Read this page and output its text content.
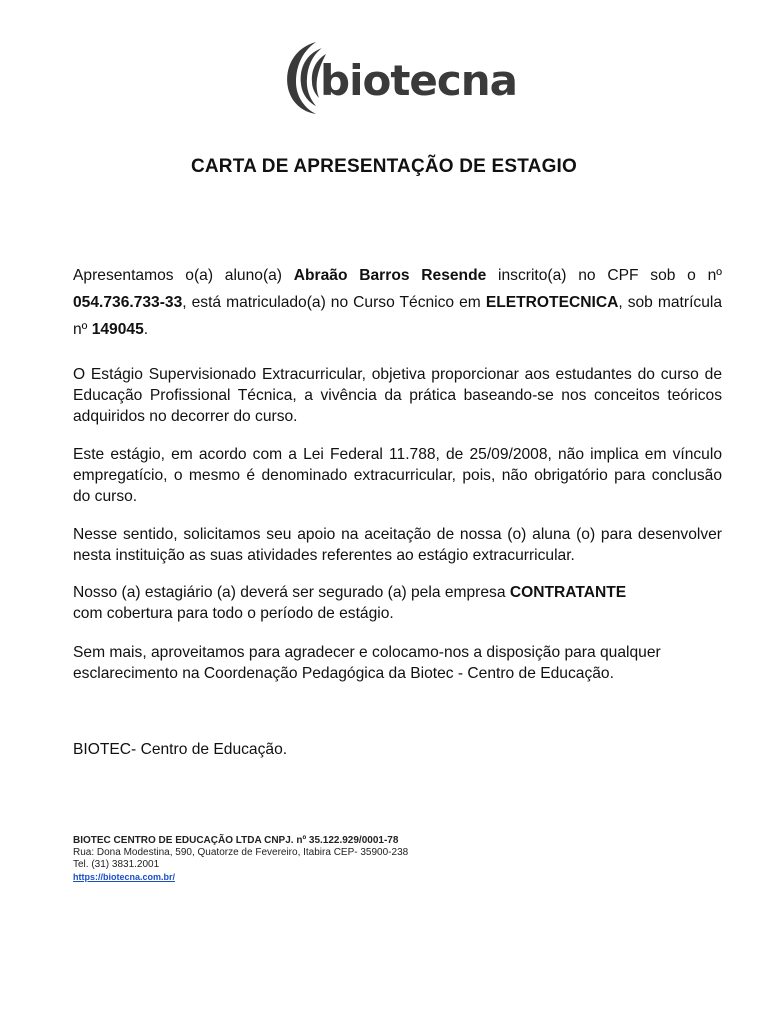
biotecna
CARTA DE APRESENTAÇÃO DE ESTAGIO
Apresentamos o(a) aluno(a) Abraão Barros Resende inscrito(a) no CPF sob o nº 054.736.733-33, está matriculado(a) no Curso Técnico em ELETROTECNICA, sob matrícula nº 149045.
O Estágio Supervisionado Extracurricular, objetiva proporcionar aos estudantes do curso de Educação Profissional Técnica, a vivência da prática baseando-se nos conceitos teóricos adquiridos no decorrer do curso.
Este estágio, em acordo com a Lei Federal 11.788, de 25/09/2008, não implica em vínculo empregatício, o mesmo é denominado extracurricular, pois, não obrigatório para conclusão do curso.
Nesse sentido, solicitamos seu apoio na aceitação de nossa (o) aluna (o) para desenvolver nesta instituição as suas atividades referentes ao estágio extracurricular.
Nosso (a) estagiário (a) deverá ser segurado (a) pela empresa CONTRATANTE
com cobertura para todo o período de estágio.
Sem mais, aproveitamos para agradecer e colocamo-nos a disposição para qualquer
esclarecimento na Coordenação Pedagógica da Biotec - Centro de Educação.
BIOTEC- Centro de Educação.
BIOTEC CENTRO DE EDUCAÇÃO LTDA CNPJ. nº 35.122.929/0001-78
Rua: Dona Modestina, 590, Quatorze de Fevereiro, Itabira CEP- 35900-238
Tel. (31) 3831.2001
https://biotecna.com.br/
